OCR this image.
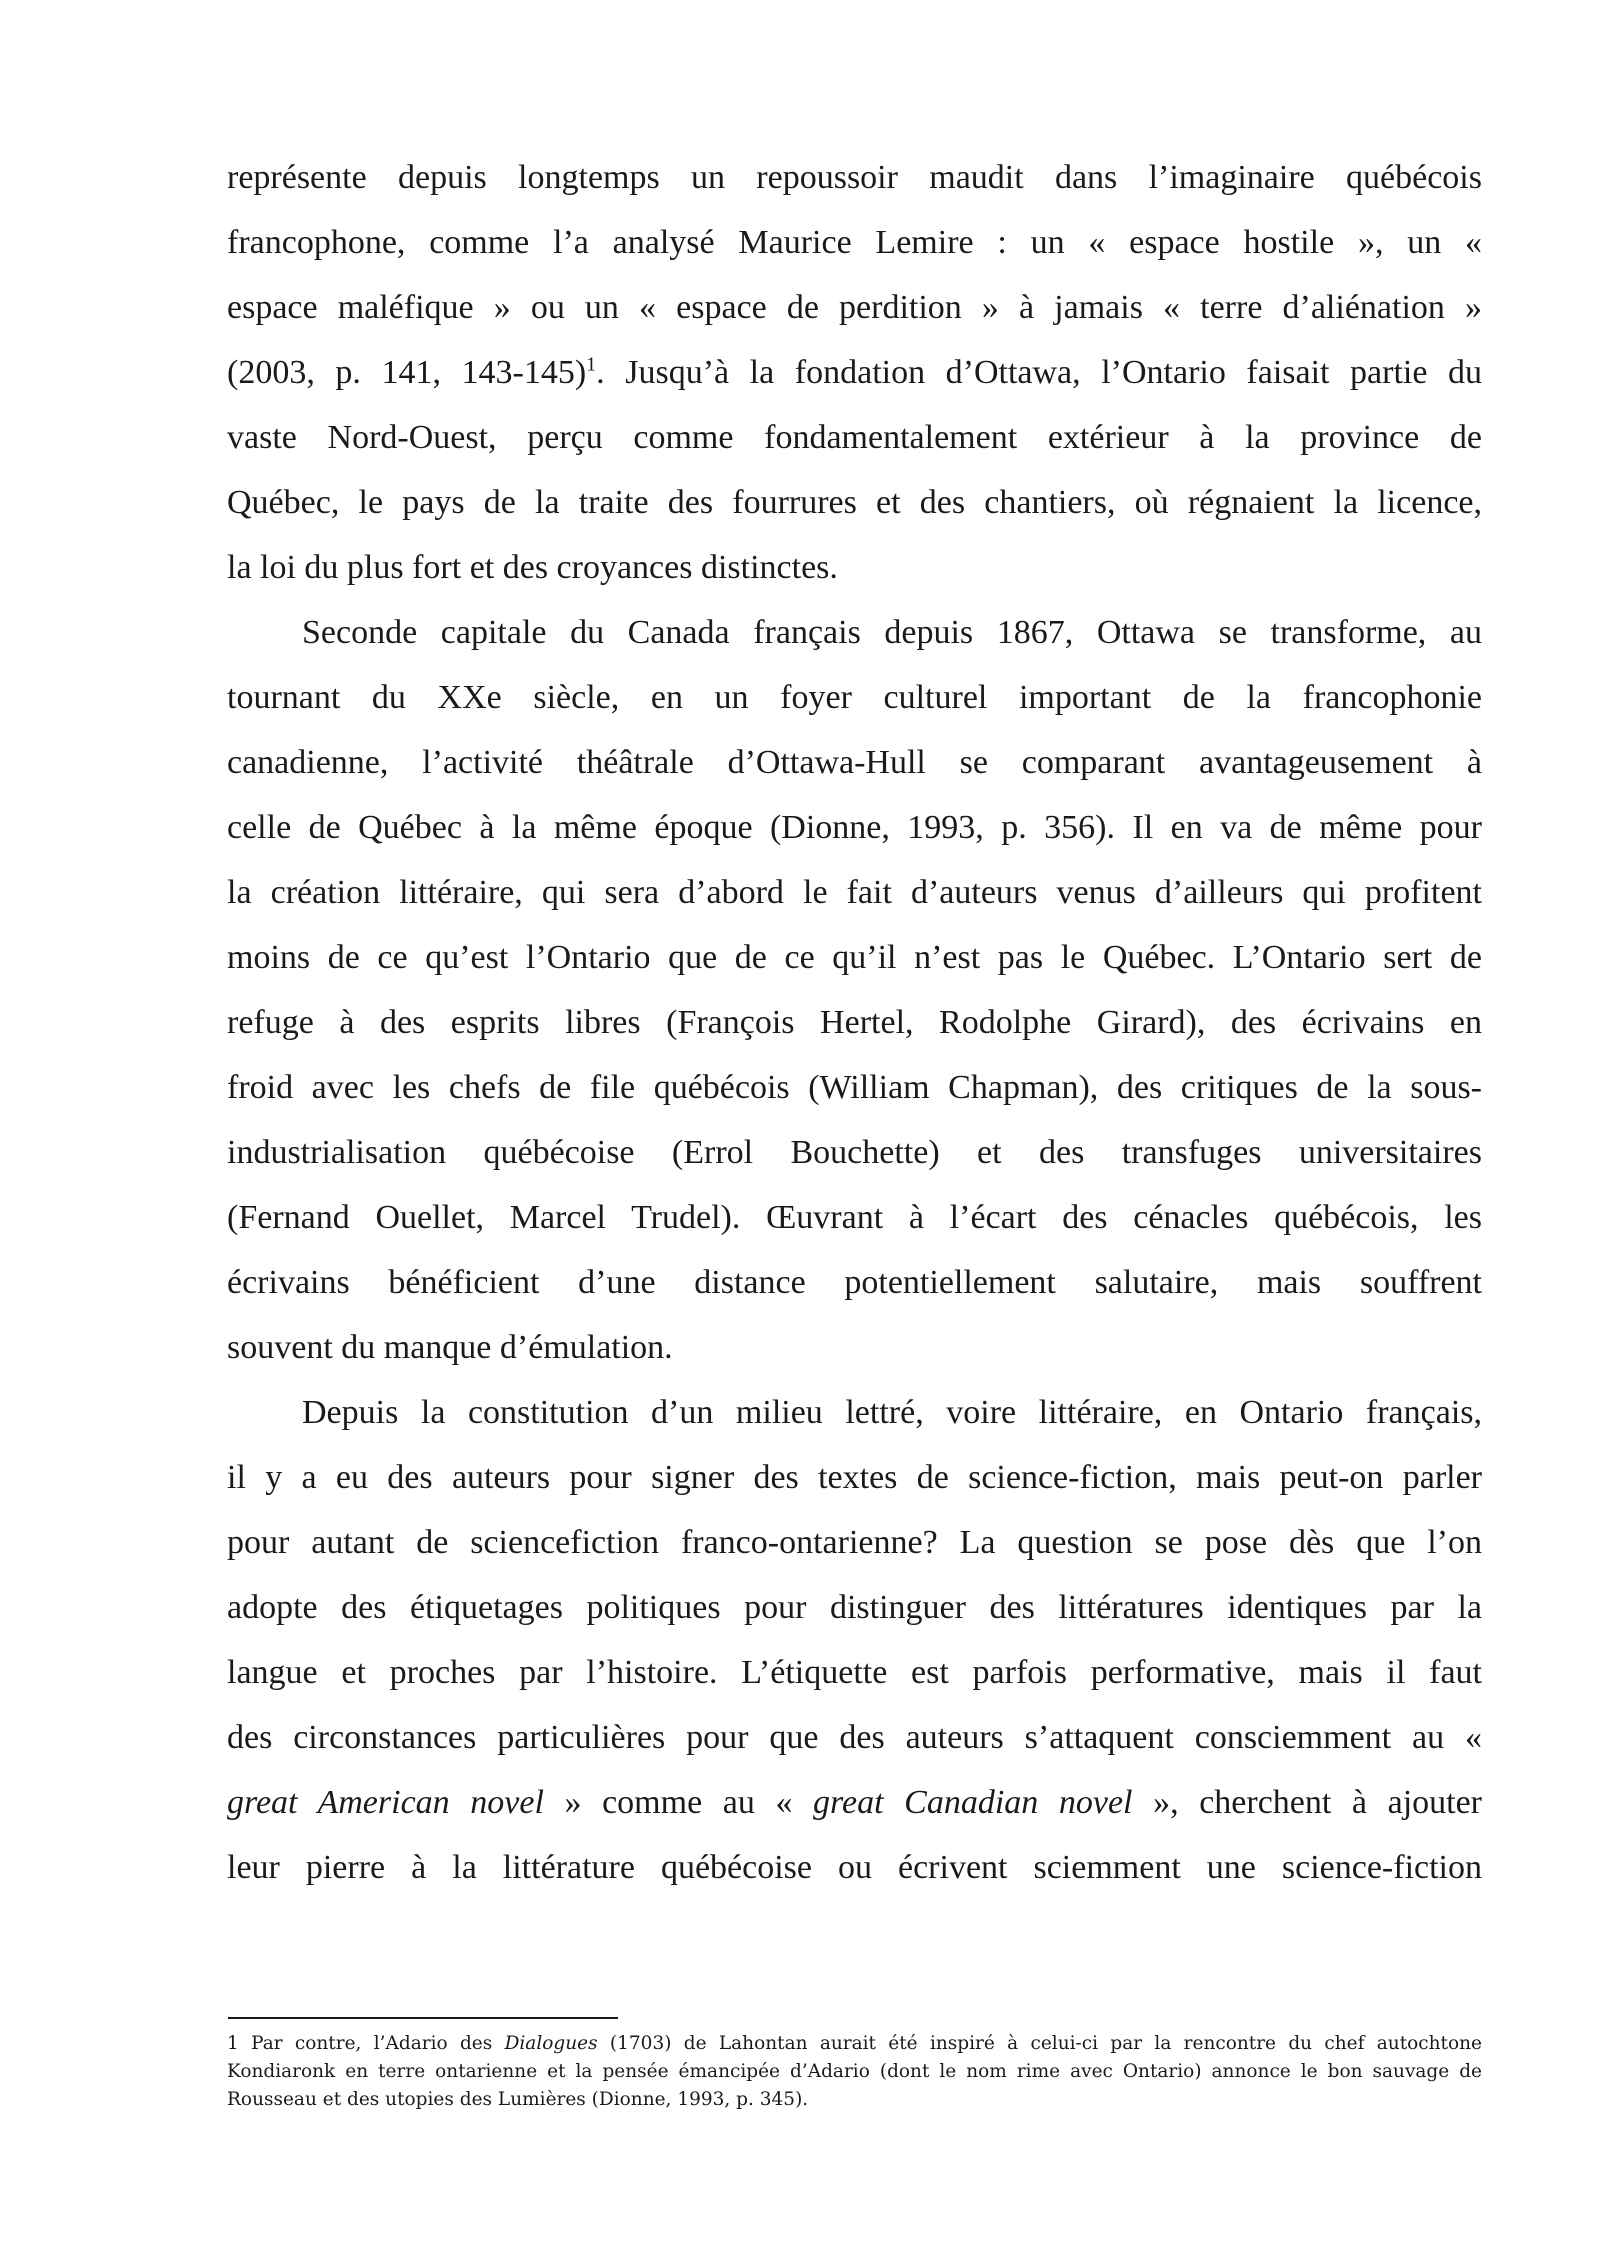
représente depuis longtemps un repoussoir maudit dans l’imaginaire québécois
francophone, comme l’a analysé Maurice Lemire : un « espace hostile », un «
espace maléfique » ou un « espace de perdition » à jamais « terre d’aliénation »
(2003, p. 141, 143-145)$^1$. Jusqu’à la fondation d’Ottawa, l’Ontario faisait partie du
vaste Nord-Ouest, perçu comme fondamentalement extérieur à la province de
Québec, le pays de la traite des fourrures et des chantiers, où régnaient la licence,
la loi du plus fort et des croyances distinctes.
Seconde capitale du Canada français depuis 1867, Ottawa se transforme, au
tournant du XXe siècle, en un foyer culturel important de la francophonie
canadienne, l’activité théâtrale d’Ottawa-Hull se comparant avantageusement à
celle de Québec à la même époque (Dionne, 1993, p. 356). Il en va de même pour
la création littéraire, qui sera d’abord le fait d’auteurs venus d’ailleurs qui profitent
moins de ce qu’est l’Ontario que de ce qu’il n’est pas le Québec. L’Ontario sert de
refuge à des esprits libres (François Hertel, Rodolphe Girard), des écrivains en
froid avec les chefs de file québécois (William Chapman), des critiques de la sous-
industrialisation québécoise (Errol Bouchette) et des transfuges universitaires
(Fernand Ouellet, Marcel Trudel). Œuvrant à l’écart des cénacles québécois, les
écrivains bénéficient d’une distance potentiellement salutaire, mais souffrent
souvent du manque d’émulation.
Depuis la constitution d’un milieu lettré, voire littéraire, en Ontario français,
il y a eu des auteurs pour signer des textes de science-fiction, mais peut-on parler
pour autant de sciencefiction franco-ontarienne? La question se pose dès que l’on
adopte des étiquetages politiques pour distinguer des littératures identiques par la
langue et proches par l’histoire. L’étiquette est parfois performative, mais il faut
des circonstances particulières pour que des auteurs s’attaquent consciemment au «
great American novel » comme au « great Canadian novel », cherchent à ajouter
leur pierre à la littérature québécoise ou écrivent sciemment une science-fiction
1 Par contre, l’Adario des Dialogues (1703) de Lahontan aurait été inspiré à celui-ci par la rencontre du chef autochtone
Kondiaronk en terre ontarienne et la pensée émancipée d’Adario (dont le nom rime avec Ontario) annonce le bon sauvage de
Rousseau et des utopies des Lumières (Dionne, 1993, p. 345).
